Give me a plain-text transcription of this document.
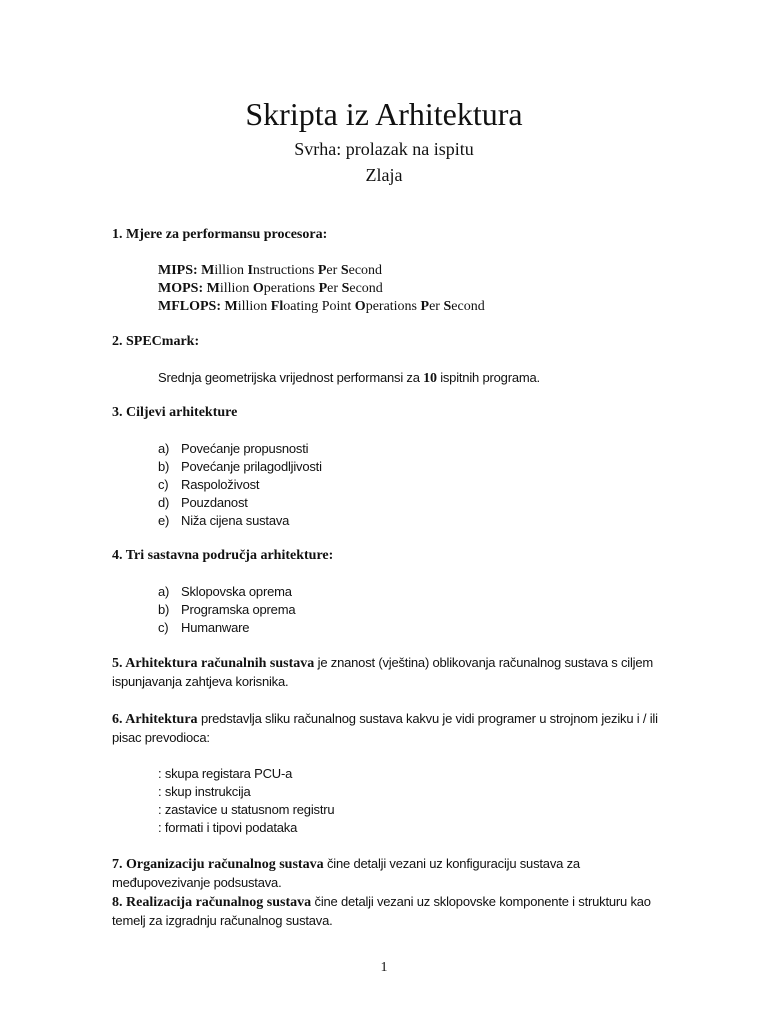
Skripta iz Arhitektura
Svrha: prolazak na ispitu
Zlaja
1. Mjere za performansu procesora:
MIPS: Million Instructions Per Second
MOPS: Million Operations Per Second
MFLOPS: Million Floating Point Operations Per Second
2. SPECmark:
Srednja geometrijska vrijednost performansi za 10 ispitnih programa.
3. Ciljevi arhitekture
a) Povećanje propusnosti
b) Povećanje prilagodljivosti
c) Raspoloživost
d) Pouzdanost
e) Niža cijena sustava
4. Tri sastavna područja arhitekture:
a) Sklopovska oprema
b) Programska oprema
c) Humanware
5. Arhitektura računalnih sustava je znanost (vještina) oblikovanja računalnog sustava s ciljem ispunjavanja zahtjeva korisnika.
6. Arhitektura predstavlja sliku računalnog sustava kakvu je vidi programer u strojnom jeziku i / ili pisac prevodioca:
: skupa registara PCU-a
: skup instrukcija
: zastavice u statusnom registru
: formati i tipovi podataka
7. Organizaciju računalnog sustava čine detalji vezani uz konfiguraciju sustava za međupovezivanje podsustava.
8. Realizacija računalnog sustava čine detalji vezani uz sklopovske komponente i strukturu kao temelj za izgradnju računalnog sustava.
1
